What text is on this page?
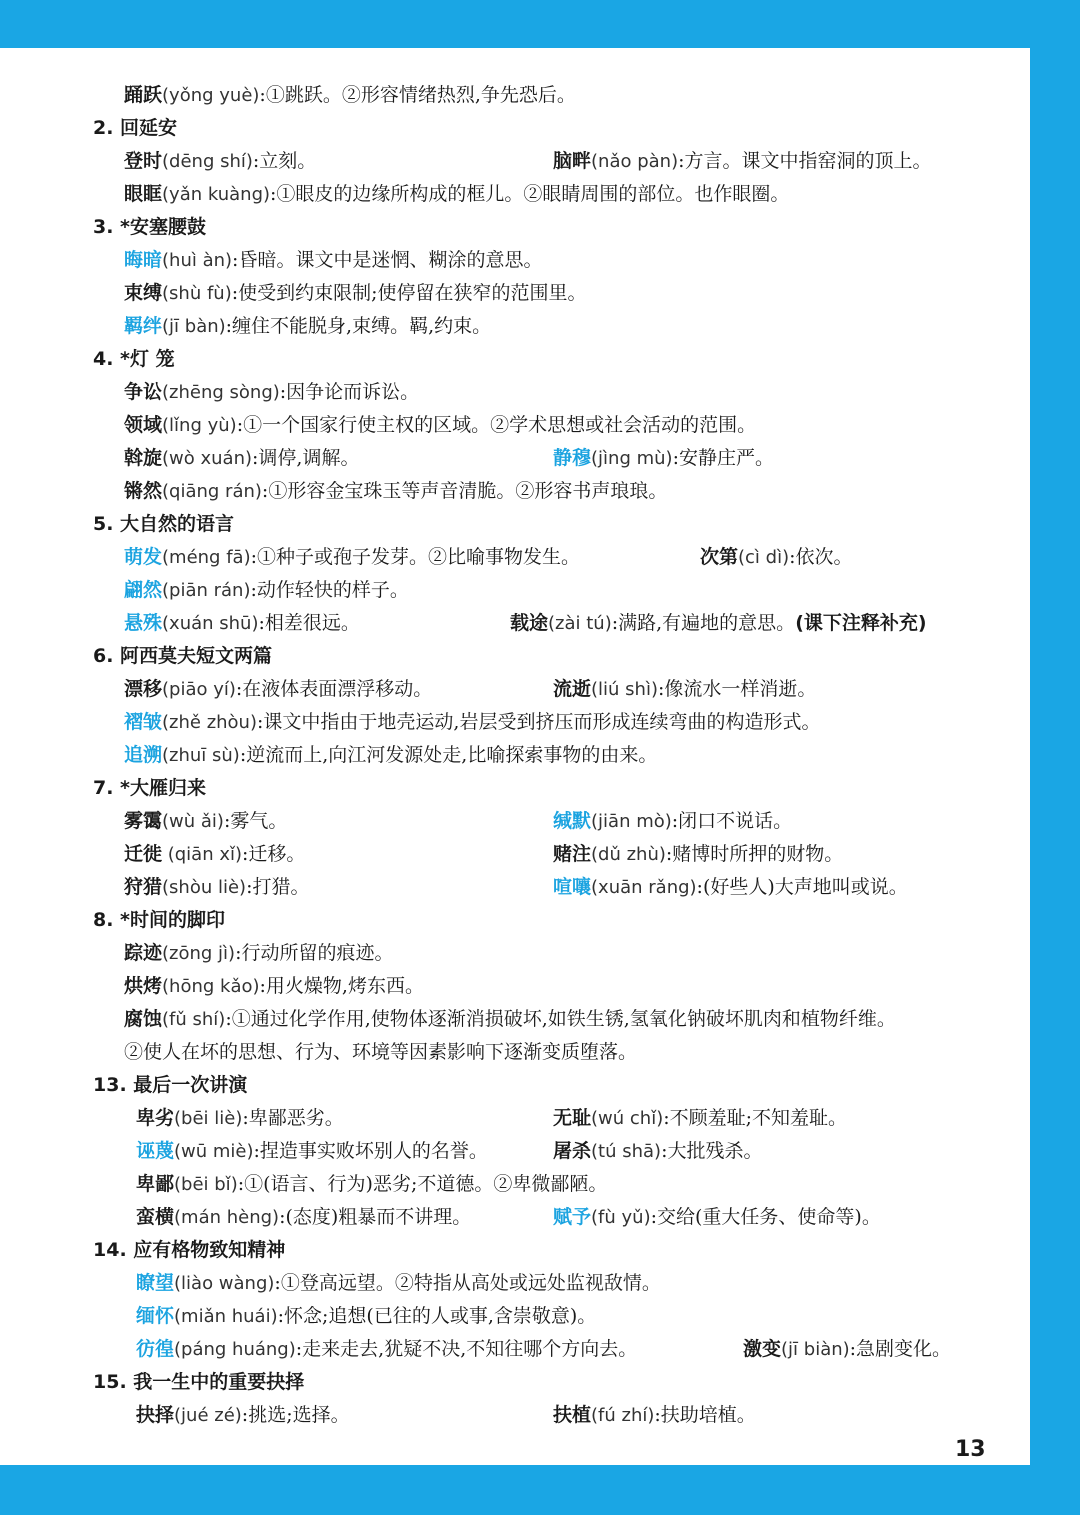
踊跃(yǒng yuè):①跳跃。②形容情绪热烈,争先恐后。
2. 回延安
登时(dēng shí):立刻。	脑畔(nǎo pàn):方言。课文中指窑洞的顶上。
眼眶(yǎn kuàng):①眼皮的边缘所构成的框儿。②眼睛周围的部位。也作眼圈。
3. *安塞腰鼓
晦暗(huì àn):昏暗。课文中是迷惘、糊涂的意思。
束缚(shù fù):使受到约束限制;使停留在狭窄的范围里。
羁绊(jī bàn):缠住不能脱身,束缚。羁,约束。
4. *灯 笼
争讼(zhēng sòng):因争论而诉讼。
领域(lǐng yù):①一个国家行使主权的区域。②学术思想或社会活动的范围。
斡旋(wò xuán):调停,调解。	静穆(jìng mù):安静庄严。
锵然(qiāng rán):①形容金宝珠玉等声音清脆。②形容书声琅琅。
5. 大自然的语言
萌发(méng fā):①种子或孢子发芽。②比喻事物发生。	次第(cì dì):依次。
翩然(piān rán):动作轻快的样子。
悬殊(xuán shū):相差很远。	载途(zài tú):满路,有遍地的意思。(课下注释补充)
6. 阿西莫夫短文两篇
漂移(piāo yí):在液体表面漂浮移动。	流逝(liú shì):像流水一样消逝。
褶皱(zhě zhòu):课文中指由于地壳运动,岩层受到挤压而形成连续弯曲的构造形式。
追溯(zhuī sù):逆流而上,向江河发源处走,比喻探索事物的由来。
7. *大雁归来
雾霭(wù ǎi):雾气。	缄默(jiān mò):闭口不说话。
迁徙 (qiān xǐ):迁移。	赌注(dǔ zhù):赌博时所押的财物。
狩猎(shòu liè):打猎。	喧嚷(xuān rǎng):(好些人)大声地叫或说。
8. *时间的脚印
踪迹(zōng jì):行动所留的痕迹。
烘烤(hōng kǎo):用火燥物,烤东西。
腐蚀(fǔ shí):①通过化学作用,使物体逐渐消损破坏,如铁生锈,氢氧化钠破坏肌肉和植物纤维。
②使人在坏的思想、行为、环境等因素影响下逐渐变质堕落。
13. 最后一次讲演
卑劣(bēi liè):卑鄙恶劣。	无耻(wú chǐ):不顾羞耻;不知羞耻。
诬蔑(wū miè):捏造事实败坏别人的名誉。	屠杀(tú shā):大批残杀。
卑鄙(bēi bǐ):①(语言、行为)恶劣;不道德。②卑微鄙陋。
蛮横(mán hèng):(态度)粗暴而不讲理。	赋予(fù yǔ):交给(重大任务、使命等)。
14. 应有格物致知精神
瞭望(liào wàng):①登高远望。②特指从高处或远处监视敌情。
缅怀(miǎn huái):怀念;追想(已往的人或事,含崇敬意)。
彷徨(páng huáng):走来走去,犹疑不决,不知往哪个方向去。	激变(jī biàn):急剧变化。
15. 我一生中的重要抉择
抉择(jué zé):挑选;选择。	扶植(fú zhí):扶助培植。
13
